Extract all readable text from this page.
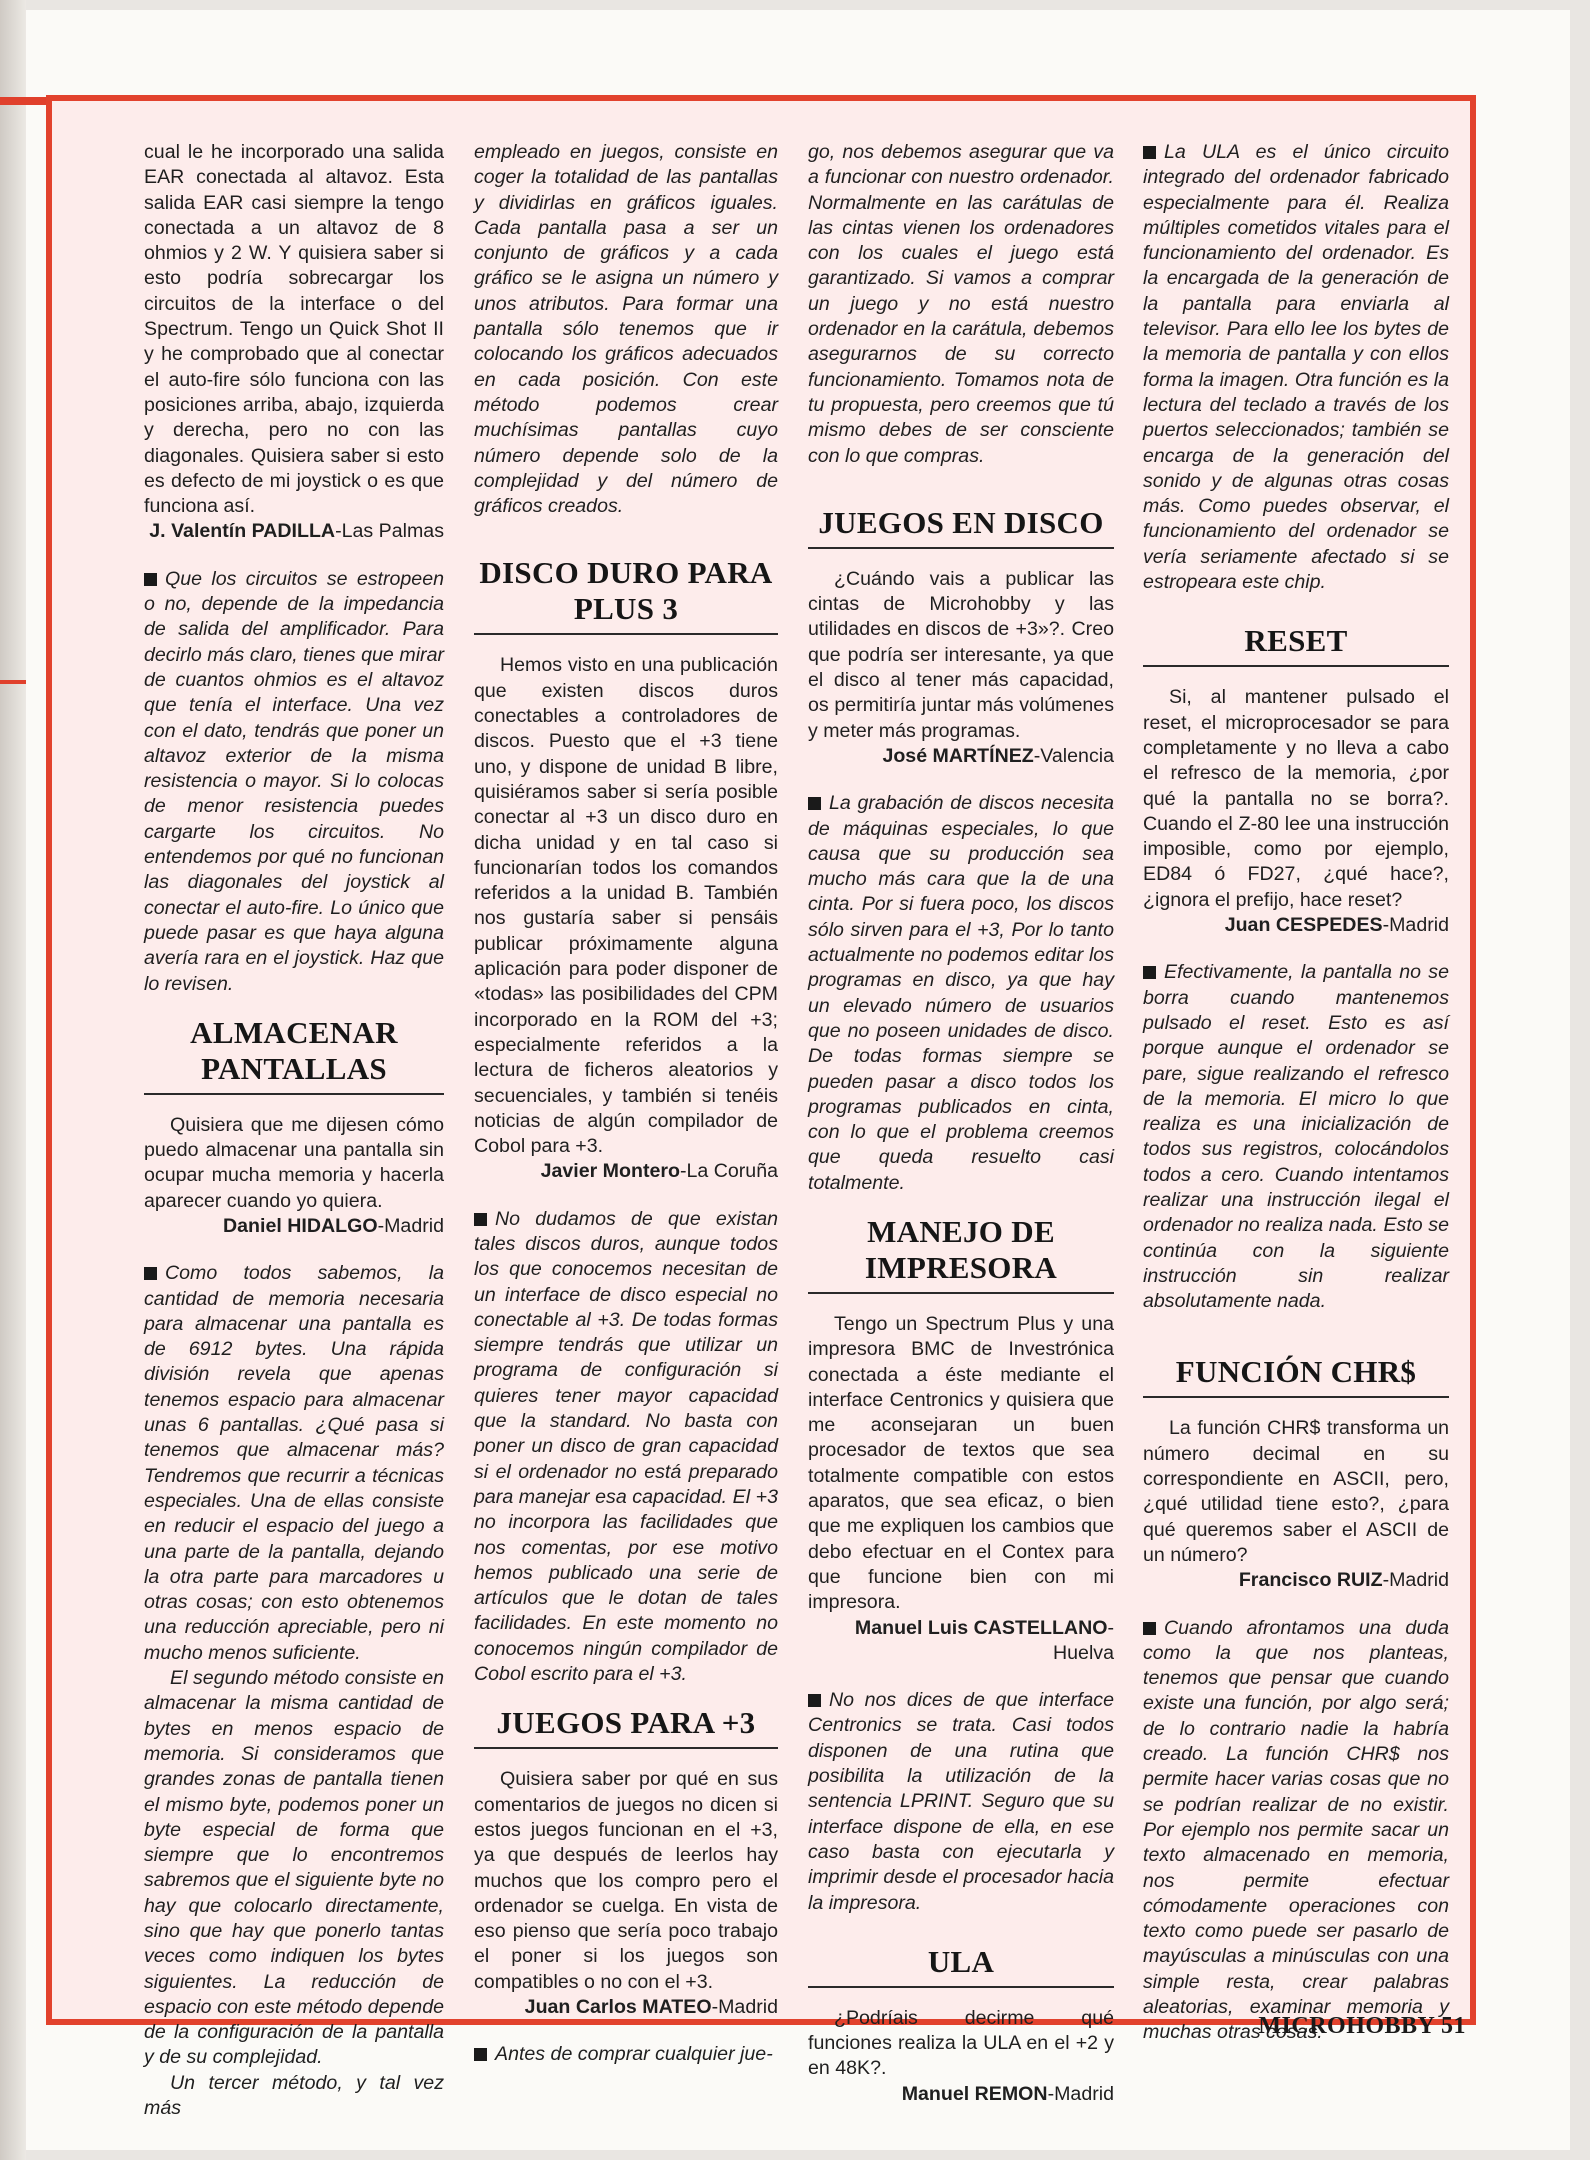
cual le he incorporado una salida EAR conectada al altavoz. Esta salida EAR casi siempre la tengo conectada a un altavoz de 8 ohmios y 2 W. Y quisiera saber si esto podría sobrecargar los circuitos de la interface o del Spectrum. Tengo un Quick Shot II y he comprobado que al conectar el auto-fire sólo funciona con las posiciones arriba, abajo, izquierda y derecha, pero no con las diagonales. Quisiera saber si esto es defecto de mi joystick o es que funciona así.

J. Valentín PADILLA-Las Palmas

Que los circuitos se estropeen o no, depende de la impedancia de salida del amplificador. Para decirlo más claro, tienes que mirar de cuantos ohmios es el altavoz que tenía el interface. Una vez con el dato, tendrás que poner un altavoz exterior de la misma resistencia o mayor. Si lo colocas de menor resistencia puedes cargarte los circuitos. No entendemos por qué no funcionan las diagonales del joystick al conectar el auto-fire. Lo único que puede pasar es que haya alguna avería rara en el joystick. Haz que lo revisen.

ALMACENAR PANTALLAS

Quisiera que me dijesen cómo puedo almacenar una pantalla sin ocupar mucha memoria y hacerla aparecer cuando yo quiera.

Daniel HIDALGO-Madrid

Como todos sabemos, la cantidad de memoria necesaria para almacenar una pantalla es de 6912 bytes. Una rápida división revela que apenas tenemos espacio para almacenar unas 6 pantallas. ¿Qué pasa si tenemos que almacenar más? Tendremos que recurrir a técnicas especiales. Una de ellas consiste en reducir el espacio del juego a una parte de la pantalla, dejando la otra parte para marcadores u otras cosas; con esto obtenemos una reducción apreciable, pero ni mucho menos suficiente.

El segundo método consiste en almacenar la misma cantidad de bytes en menos espacio de memoria. Si consideramos que grandes zonas de pantalla tienen el mismo byte, podemos poner un byte especial de forma que siempre que lo encontremos sabremos que el siguiente byte no hay que colocarlo directamente, sino que hay que ponerlo tantas veces como indiquen los bytes siguientes. La reducción de espacio con este método depende de la configuración de la pantalla y de su complejidad.

Un tercer método, y tal vez más

empleado en juegos, consiste en coger la totalidad de las pantallas y dividirlas en gráficos iguales. Cada pantalla pasa a ser un conjunto de gráficos y a cada gráfico se le asigna un número y unos atributos. Para formar una pantalla sólo tenemos que ir colocando los gráficos adecuados en cada posición. Con este método podemos crear muchísimas pantallas cuyo número depende solo de la complejidad y del número de gráficos creados.

DISCO DURO PARA PLUS 3

Hemos visto en una publicación que existen discos duros conectables a controladores de discos. Puesto que el +3 tiene uno, y dispone de unidad B libre, quisiéramos saber si sería posible conectar al +3 un disco duro en dicha unidad y en tal caso si funcionarían todos los comandos referidos a la unidad B. También nos gustaría saber si pensáis publicar próximamente alguna aplicación para poder disponer de «todas» las posibilidades del CPM incorporado en la ROM del +3; especialmente referidos a la lectura de ficheros aleatorios y secuenciales, y también si tenéis noticias de algún compilador de Cobol para +3.

Javier Montero-La Coruña

No dudamos de que existan tales discos duros, aunque todos los que conocemos necesitan de un interface de disco especial no conectable al +3. De todas formas siempre tendrás que utilizar un programa de configuración si quieres tener mayor capacidad que la standard. No basta con poner un disco de gran capacidad si el ordenador no está preparado para manejar esa capacidad. El +3 no incorpora las facilidades que nos comentas, por ese motivo hemos publicado una serie de artículos que le dotan de tales facilidades. En este momento no conocemos ningún compilador de Cobol escrito para el +3.

JUEGOS PARA +3

Quisiera saber por qué en sus comentarios de juegos no dicen si estos juegos funcionan en el +3, ya que después de leerlos hay muchos que los compro pero el ordenador se cuelga. En vista de eso pienso que sería poco trabajo el poner si los juegos son compatibles o no con el +3.

Juan Carlos MATEO-Madrid

Antes de comprar cualquier jue-

go, nos debemos asegurar que va a funcionar con nuestro ordenador. Normalmente en las carátulas de las cintas vienen los ordenadores con los cuales el juego está garantizado. Si vamos a comprar un juego y no está nuestro ordenador en la carátula, debemos asegurarnos de su correcto funcionamiento. Tomamos nota de tu propuesta, pero creemos que tú mismo debes de ser consciente con lo que compras.

JUEGOS EN DISCO

¿Cuándo vais a publicar las cintas de Microhobby y las utilidades en discos de +3»?. Creo que podría ser interesante, ya que el disco al tener más capacidad, os permitiría juntar más volúmenes y meter más programas.

José MARTÍNEZ-Valencia

La grabación de discos necesita de máquinas especiales, lo que causa que su producción sea mucho más cara que la de una cinta. Por si fuera poco, los discos sólo sirven para el +3, Por lo tanto actualmente no podemos editar los programas en disco, ya que hay un elevado número de usuarios que no poseen unidades de disco. De todas formas siempre se pueden pasar a disco todos los programas publicados en cinta, con lo que el problema creemos que queda resuelto casi totalmente.

MANEJO DE IMPRESORA

Tengo un Spectrum Plus y una impresora BMC de Investrónica conectada a éste mediante el interface Centronics y quisiera que me aconsejaran un buen procesador de textos que sea totalmente compatible con estos aparatos, que sea eficaz, o bien que me expliquen los cambios que debo efectuar en el Contex para que funcione bien con mi impresora.

Manuel Luis CASTELLANO-Huelva

No nos dices de que interface Centronics se trata. Casi todos disponen de una rutina que posibilita la utilización de la sentencia LPRINT. Seguro que su interface dispone de ella, en ese caso basta con ejecutarla y imprimir desde el procesador hacia la impresora.

ULA

¿Podríais decirme qué funciones realiza la ULA en el +2 y en 48K?.

Manuel REMON-Madrid

La ULA es el único circuito integrado del ordenador fabricado especialmente para él. Realiza múltiples cometidos vitales para el funcionamiento del ordenador. Es la encargada de la generación de la pantalla para enviarla al televisor. Para ello lee los bytes de la memoria de pantalla y con ellos forma la imagen. Otra función es la lectura del teclado a través de los puertos seleccionados; también se encarga de la generación del sonido y de algunas otras cosas más. Como puedes observar, el funcionamiento del ordenador se vería seriamente afectado si se estropeara este chip.

RESET

Si, al mantener pulsado el reset, el microprocesador se para completamente y no lleva a cabo el refresco de la memoria, ¿por qué la pantalla no se borra?. Cuando el Z-80 lee una instrucción imposible, como por ejemplo, ED84 ó FD27, ¿qué hace?, ¿ignora el prefijo, hace reset?

Juan CESPEDES-Madrid

Efectivamente, la pantalla no se borra cuando mantenemos pulsado el reset. Esto es así porque aunque el ordenador se pare, sigue realizando el refresco de la memoria. El micro lo que realiza es una inicialización de todos sus registros, colocándolos todos a cero. Cuando intentamos realizar una instrucción ilegal el ordenador no realiza nada. Esto se continúa con la siguiente instrucción sin realizar absolutamente nada.

FUNCIÓN CHR$

La función CHR$ transforma un número decimal en su correspondiente en ASCII, pero, ¿qué utilidad tiene esto?, ¿para qué queremos saber el ASCII de un número?

Francisco RUIZ-Madrid

Cuando afrontamos una duda como la que nos planteas, tenemos que pensar que cuando existe una función, por algo será; de lo contrario nadie la habría creado. La función CHR$ nos permite hacer varias cosas que no se podrían realizar de no existir. Por ejemplo nos permite sacar un texto almacenado en memoria, nos permite efectuar cómodamente operaciones con texto como puede ser pasarlo de mayúsculas a minúsculas con una simple resta, crear palabras aleatorias, examinar memoria y muchas otras cosas.

MICROHOBBY 51
